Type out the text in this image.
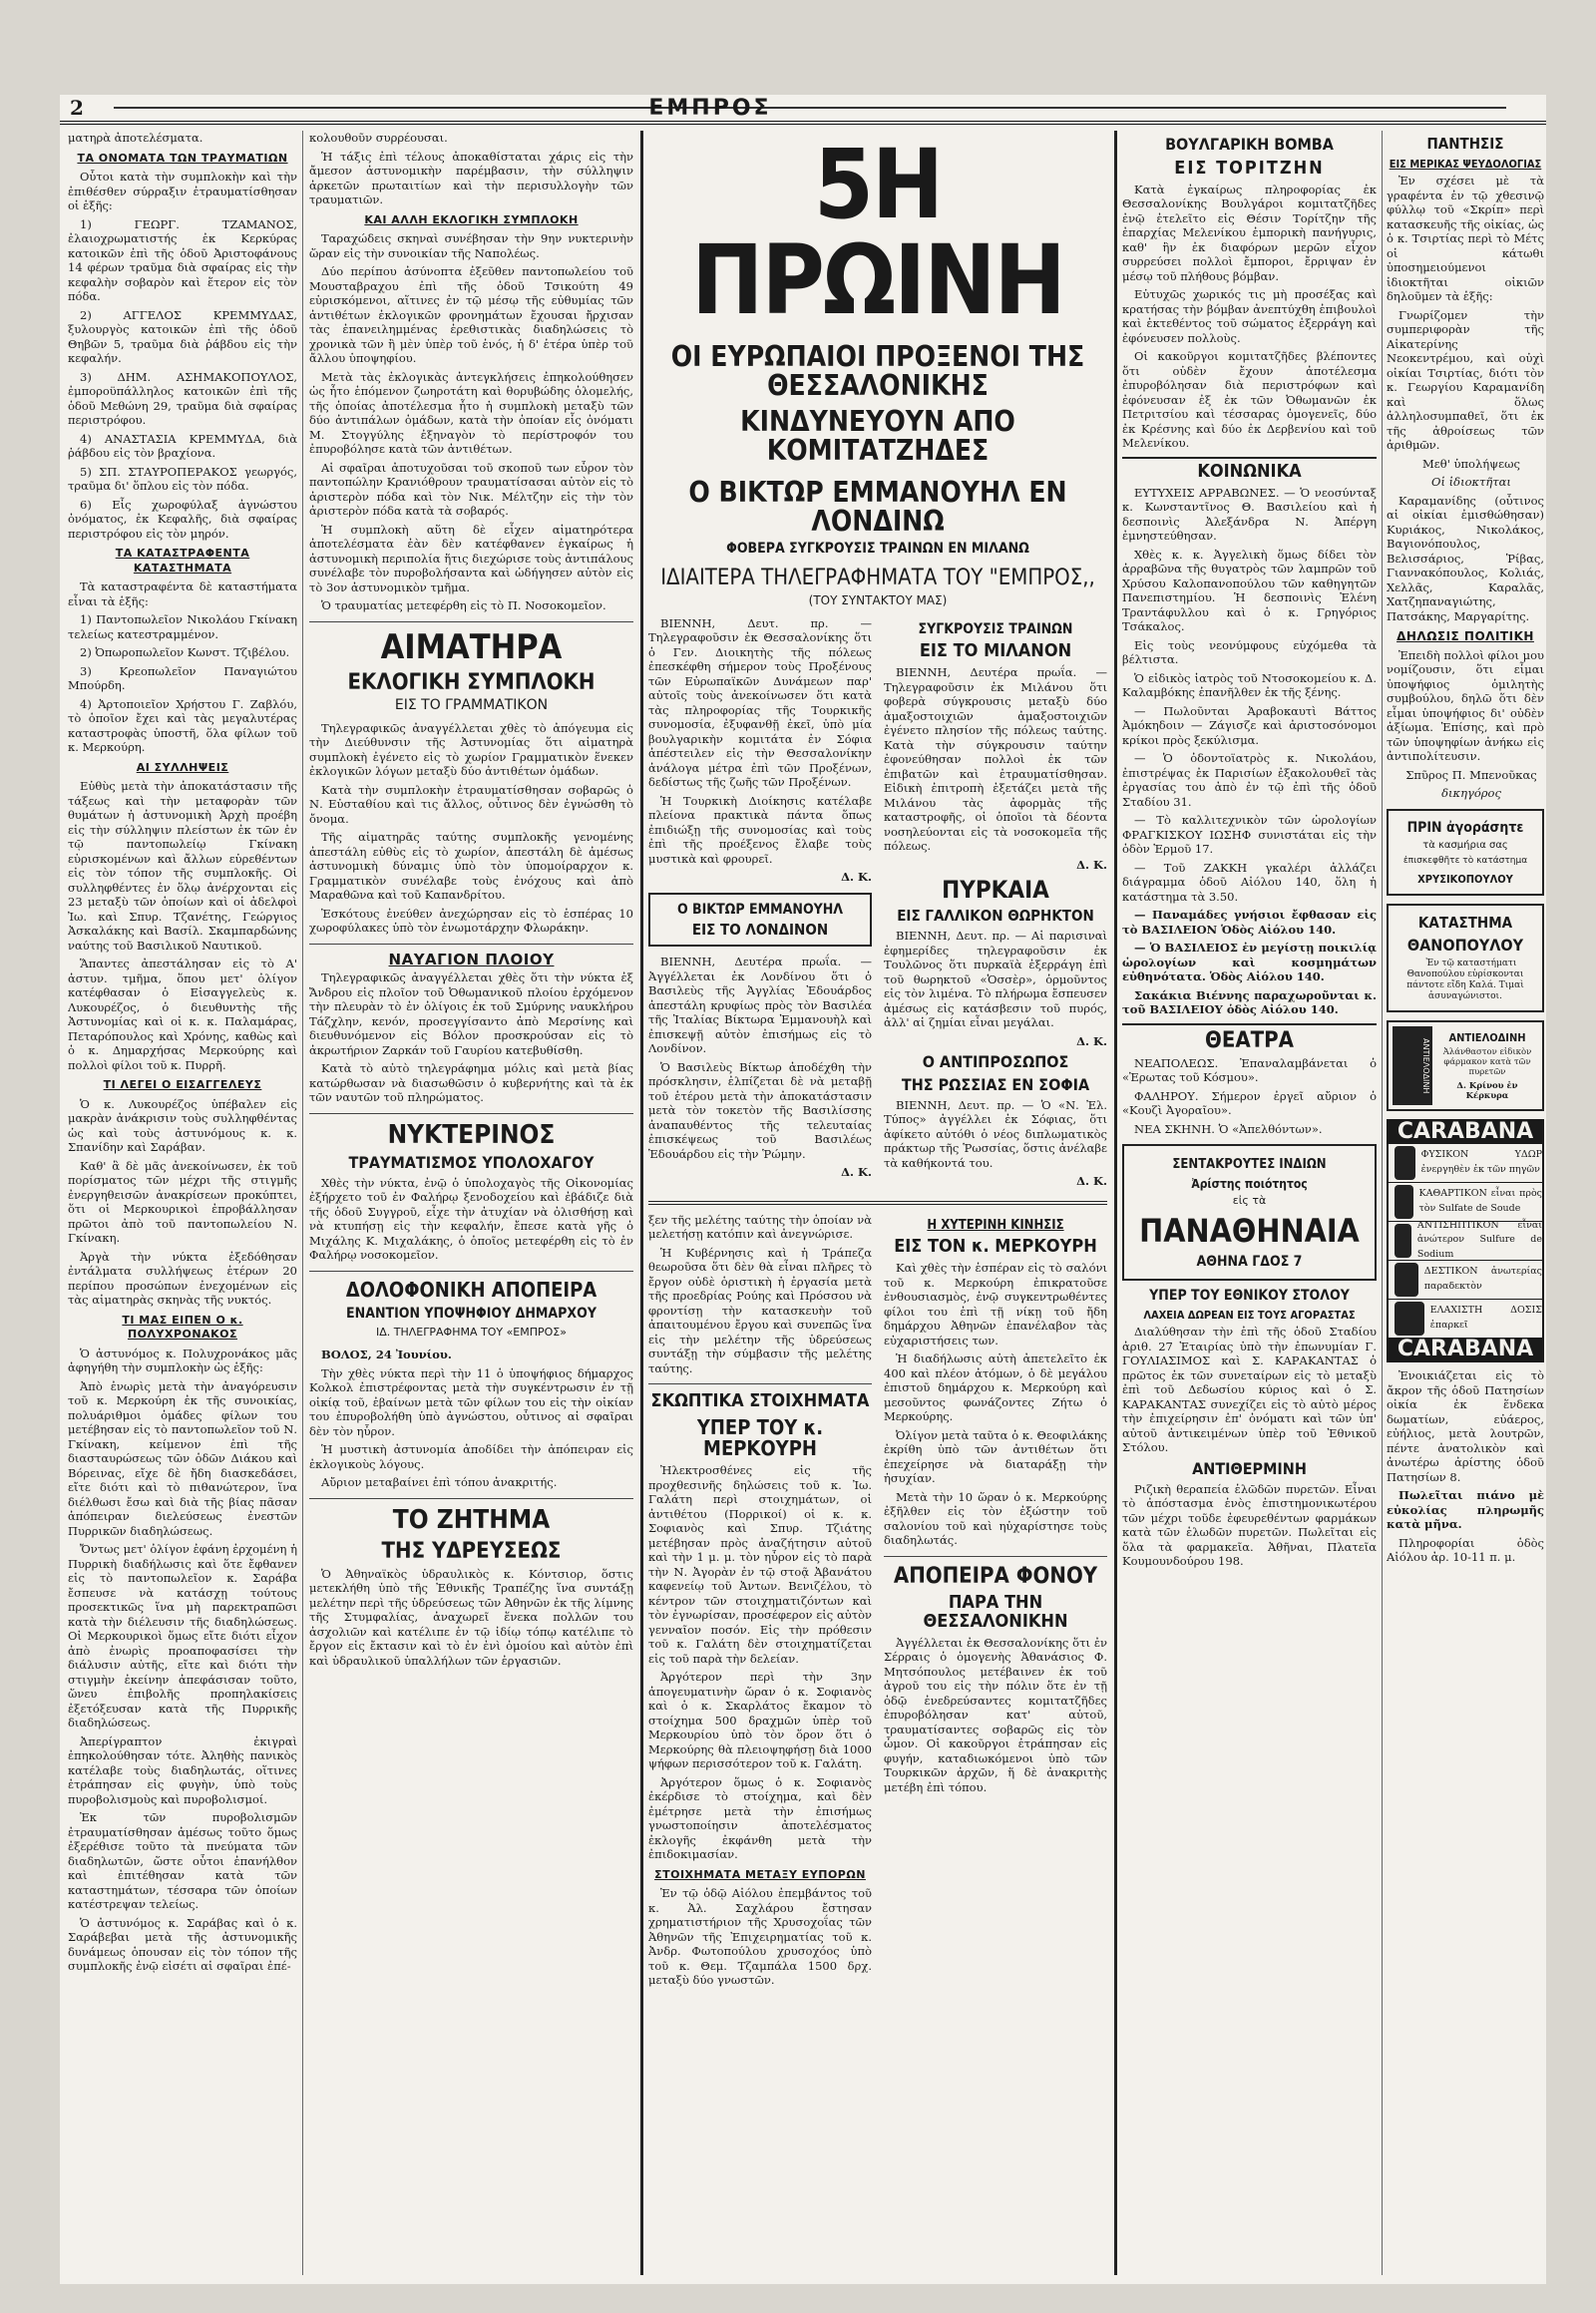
2	ΕΜΠΡΟΣ

ματηρὰ ἀποτελέσματα.

ΤΑ ΟΝΟΜΑΤΑ ΤΩΝ ΤΡΑΥΜΑΤΙΩΝ

Οὗτοι κατὰ τὴν συμπλοκὴν καὶ τὴν ἐπιθέσθεν σύρραξιν ἐτραυματίσθησαν οἱ ἑξῆς:

1) ΓΕΩΡΓ. ΤΖΑΜΑΝΟΣ, ἐλαιοχρωματιστής ἐκ Κερκύρας κατοικῶν ἐπὶ τῆς ὁδοῦ Ἀριστοφάνους 14 φέρων τραῦμα διὰ σφαίρας εἰς τὴν κεφαλὴν σοβαρὸν καὶ ἕτερον εἰς τὸν πόδα.

2) ΑΓΓΕΛΟΣ ΚΡΕΜΜΥΔΑΣ, ξυλουργὸς κατοικῶν ἐπὶ τῆς ὁδοῦ Θηβῶν 5, τραῦμα διὰ ῥάβδου εἰς τὴν κεφαλήν.

3) ΔΗΜ. ΑΣΗΜΑΚΟΠΟΥΛΟΣ, ἐμποροϋπάλληλος κατοικῶν ἐπὶ τῆς ὁδοῦ Μεθώνη 29, τραῦμα διὰ σφαίρας περιστρόφου.

4) ΑΝΑΣΤΑΣΙΑ ΚΡΕΜΜΥΔΑ, διὰ ῥάβδου εἰς τὸν βραχίονα.

5) ΣΠ. ΣΤΑΥΡΟΠΕΡΑΚΟΣ γεωργός, τραῦμα δι' ὅπλου εἰς τὸν πόδα.

6) Εἷς χωροφύλαξ ἀγνώστου ὀνόματος, ἐκ Κεφαλῆς, διὰ σφαίρας περιστρόφου εἰς τὸν μηρόν.

ΤΑ ΚΑΤΑΣΤΡΑΦΕΝΤΑ ΚΑΤΑΣΤΗΜΑΤΑ

Τὰ καταστραφέντα δὲ καταστήματα εἶναι τὰ ἑξῆς:

1) Παντοπωλεῖον Νικολάου Γκίνακη τελείως κατεστραμμένον.

2) Ὀπωροπωλεῖον Κωνστ. Τζιβέλου.

3) Κρεοπωλεῖον Παναγιώτου Μπούρδη.

4) Ἀρτοποιεῖον Χρήστου Γ. Ζαβλόυ, τὸ ὁποῖον ἔχει καὶ τὰς μεγαλυτέρας καταστροφὰς ὑποστῆ, ὅλα φίλων τοῦ κ. Μερκούρη.

ΑΙ ΣΥΛΛΗΨΕΙΣ

Εὐθὺς μετὰ τὴν ἀποκατάστασιν τῆς τάξεως καὶ τὴν μεταφορὰν τῶν θυμάτων ἡ ἀστυνομικὴ Ἀρχὴ προέβη εἰς τὴν σύλληψιν πλείστων ἐκ τῶν ἐν τῷ παντοπωλείῳ Γκίνακη εὑρισκομένων καὶ ἄλλων εὑρεθέντων εἰς τὸν τόπον τῆς συμπλοκῆς. Οἱ συλληφθέντες ἐν ὅλῳ ἀνέρχονται εἰς 23 μεταξὺ τῶν ὁποίων καὶ οἱ ἀδελφοὶ Ἰω. καὶ Σπυρ. Τζανέτης, Γεώργιος Ἀσκαλάκης καὶ Βασίλ. Σκαμπαρδώνης ναύτης τοῦ Βασιλικοῦ Ναυτικοῦ.

Ἅπαντες ἀπεστάλησαν εἰς τὸ Α' ἀστυν. τμῆμα, ὅπου μετ' ὀλίγον κατέφθασαν ὁ Εἰσαγγελεὺς κ. Λυκουρέζος, ὁ διευθυντὴς τῆς Ἀστυνομίας καὶ οἱ κ. κ. Παλαμάρας, Πεταρόπουλος καὶ Χρόνης, καθὼς καὶ ὁ κ. Δημαρχήσας Μερκούρης καὶ πολλοὶ φίλοι τοῦ κ. Πυρρῆ.

ΤΙ ΛΕΓΕΙ Ο ΕΙΣΑΓΓΕΛΕΥΣ

Ὁ κ. Λυκουρέζος ὑπέβαλεν εἰς μακρὰν ἀνάκρισιν τοὺς συλληφθέντας ὡς καὶ τοὺς ἀστυνόμους κ. κ. Σπανίδην καὶ Σαράβαν.

Καθ' ἃ δὲ μᾶς ἀνεκοίνωσεν, ἐκ τοῦ πορίσματος τῶν μέχρι τῆς στιγμῆς ἐνεργηθεισῶν ἀνακρίσεων προκύπτει, ὅτι οἱ Μερκουρικοὶ ἐπροβάλλησαν πρῶτοι ἀπὸ τοῦ παντοπωλείου Ν. Γκίνακη.

Ἀργὰ τὴν νύκτα ἐξεδόθησαν ἐντάλματα συλλήψεως ἑτέρων 20 περίπου προσώπων ἐνεχομένων εἰς τὰς αἱματηρὰς σκηνὰς τῆς νυκτός.

ΤΙ ΜΑΣ ΕΙΠΕΝ Ο κ. ΠΟΛΥΧΡΟΝΑΚΟΣ

Ὁ ἀστυνόμος κ. Πολυχρονάκος μᾶς ἀφηγήθη τὴν συμπλοκὴν ὡς ἑξῆς:

Ἀπὸ ἐνωρὶς μετὰ τὴν ἀναγόρευσιν τοῦ κ. Μερκούρη ἐκ τῆς συνοικίας, πολυάριθμοι ὁμάδες φίλων του μετέβησαν εἰς τὸ παντοπωλεῖον τοῦ Ν. Γκίνακη, κείμενον ἐπὶ τῆς διασταυρώσεως τῶν ὁδῶν Διάκου καὶ Βόρεινας, εἴχε δὲ ἤδη διασκεδάσει, εἴτε διότι καὶ τὸ πιθανώτερον, ἵνα διέλθωσι ἔσω καὶ διὰ τῆς βίας πᾶσαν ἀπόπειραν διελεύσεως ἐνεστῶν Πυρρικῶν διαδηλώσεως.

Ὄντως μετ' ὀλίγον ἐφάνη ἐρχομένη ἡ Πυρρικὴ διαδήλωσις καὶ ὅτε ἔφθανεν εἰς τὸ παντοπωλεῖον κ. Σαράβα ἔσπευσε νὰ κατάσχῃ τούτους προσεκτικῶς ἵνα μὴ παρεκτραπῶσι κατὰ τὴν διέλευσιν τῆς διαδηλώσεως. Οἱ Μερκουρικοὶ ὅμως εἴτε διότι εἶχον ἀπὸ ἐνωρὶς προαποφασίσει τὴν διάλυσιν αὐτῆς, εἴτε καὶ διότι τὴν στιγμὴν ἐκείνην ἀπεφάσισαν τοῦτο, ὥνευ ἐπιβολῆς προπηλακίσεις ἐξετόξευσαν κατὰ τῆς Πυρρικῆς διαδηλώσεως.

Ἀπερίγραπτον ἐκιγραὶ ἐπηκολούθησαν τότε. Ἀληθὴς πανικὸς κατέλαβε τοὺς διαδηλωτάς, οἵτινες ἐτράπησαν εἰς φυγὴν, ὑπὸ τοὺς πυροβολισμοὺς καὶ πυροβολισμοί.

Ἐκ τῶν πυροβολισμῶν ἐτραυματίσθησαν ἀμέσως τοῦτο ὅμως ἐξερέθισε τοῦτο τὰ πνεύματα τῶν διαδηλωτῶν, ὥστε οὗτοι ἐπανήλθον καὶ ἐπιτέθησαν κατὰ τῶν καταστημάτων, τέσσαρα τῶν ὁποίων κατέστρεψαν τελείως.

Ὁ ἀστυνόμος κ. Σαράβας καὶ ὁ κ. Σαράβεβαι μετὰ τῆς ἀστυνομικῆς δυνάμεως ὁπουσαν εἰς τὸν τόπον τῆς συμπλοκῆς ἐνῷ εἰσέτι αἱ σφαῖραι ἐπέ-

κολουθοῦν συρρέουσαι.

Ἡ τάξις ἐπὶ τέλους ἀποκαθίσταται χάρις εἰς τὴν ἄμεσον ἀστυνομικὴν παρέμβασιν, τὴν σύλληψιν ἀρκετῶν πρωταιτίων καὶ τὴν περισυλλογὴν τῶν τραυματιῶν.

ΚΑΙ ΑΛΛΗ ΕΚΛΟΓΙΚΗ ΣΥΜΠΛΟΚΗ

Ταραχώδεις σκηναὶ συνέβησαν τὴν 9ην νυκτερινὴν ὥραν εἰς τὴν συνοικίαν τῆς Ναπολέως.

Δύο περίπου ἀσύνοπτα ἐξεῦθεν παντοπωλείου τοῦ Μουσταβραχου ἐπὶ τῆς ὁδοῦ Τσικούτη 49 εὑρισκόμενοι, αἵτινες ἐν τῷ μέσῳ τῆς εὐθυμίας τῶν ἀντιθέτων ἐκλογικῶν φρονημάτων ἔχουσαι ἤρχισαν τὰς ἐπανειλημμένας ἐρεθιστικὰς διαδηλώσεις τὸ χρονικὰ τῶν ἢ μὲν ὑπὲρ τοῦ ἑνός, ἡ δ' ἑτέρα ὑπὲρ τοῦ ἄλλου ὑποψηφίου.

Μετὰ τὰς ἐκλογικὰς ἀντεγκλήσεις ἐπηκολούθησεν ὡς ἦτο ἑπόμενον ζωηροτάτη καὶ θορυβώδης ὁλομελής, τῆς ὁποίας ἀποτέλεσμα ἦτο ἡ συμπλοκὴ μεταξὺ τῶν δύο ἀντιπάλων ὁμάδων, κατὰ τὴν ὁποίαν εἷς ὀνόματι Μ. Στογγύλης ἐξηναγὸν τὸ περίστροφόν του ἐπυροβόλησε κατὰ τῶν ἀντιθέτων.

Αἱ σφαῖραι ἀποτυχοῦσαι τοῦ σκοποῦ των εὗρον τὸν παντοπώλην Κρανιόθρουν τραυματίσασαι αὐτὸν εἰς τὸ ἀριστερὸν πόδα καὶ τὸν Νικ. Μέλτζην εἰς τὴν τὸν ἀριστερὸν πόδα κατὰ τὰ σοβαρός.

Ἡ συμπλοκὴ αὕτη δὲ εἶχεν αἱματηρότερα ἀποτελέσματα ἐὰν δὲν κατέφθανεν ἐγκαίρως ἡ ἀστυνομικὴ περιπολία ἥτις διεχώρισε τοὺς ἀντιπάλους συνέλαβε τὸν πυροβολήσαντα καὶ ὡδήγησεν αὐτὸν εἰς τὸ 3ον ἀστυνομικὸν τμῆμα.

Ὁ τραυματίας μετεφέρθη εἰς τὸ Π. Νοσοκομεῖον.

ΑΙΜΑΤΗΡΑ
ΕΚΛΟΓΙΚΗ ΣΥΜΠΛΟΚΗ
ΕΙΣ ΤΟ ΓΡΑΜΜΑΤΙΚΟΝ

Τηλεγραφικῶς ἀναγγέλλεται χθὲς τὸ ἀπόγευμα εἰς τὴν Διεύθυνσιν τῆς Ἀστυνομίας ὅτι αἱματηρὰ συμπλοκὴ ἐγένετο εἰς τὸ χωρίον Γραμματικὸν ἕνεκεν ἐκλογικῶν λόγων μεταξὺ δύο ἀντιθέτων ὁμάδων.

Κατὰ τὴν συμπλοκὴν ἐτραυματίσθησαν σοβαρῶς ὁ Ν. Εὐσταθίου καὶ τις ἄλλος, οὗτινος δὲν ἐγνώσθη τὸ ὄνομα.

Τῆς αἱματηρᾶς ταύτης συμπλοκῆς γενομένης ἀπεστάλη εὐθὺς εἰς τὸ χωρίον, ἀπεστάλη δὲ ἀμέσως ἀστυνομικὴ δύναμις ὑπὸ τὸν ὑπομοίραρχον κ. Γραμματικὸν συνέλαβε τοὺς ἐνόχους καὶ ἀπὸ Μαραθῶνα καὶ τοῦ Καπανδρίτου.

Ἐσκότους ἐνεύθεν ἀνεχώρησαν εἰς τὸ ἑσπέρας 10 χωροφύλακες ὑπὸ τὸν ἐνωμοτάρχην Φλωράκην.

ΝΑΥΑΓΙΟΝ ΠΛΟΙΟΥ

Τηλεγραφικῶς ἀναγγέλλεται χθὲς ὅτι τὴν νύκτα ἐξ Ἄνδρου εἰς πλοῖον τοῦ Ὀθωμανικοῦ πλοίου ἐρχόμενον τὴν πλευρὰν τὸ ἐν ὀλίγοις ἐκ τοῦ Σμύρνης ναυκλήρου Τάζχλην, κενόν, προσεγγίσαντο ἀπὸ Μερσίνης καὶ διευθυνόμενον εἰς Βόλον προσκρούσαν εἰς τὸ ἀκρωτήριον Ζαρκάν τοῦ Γαυρίου κατεβυθίσθη.

Κατὰ τὸ αὐτὸ τηλεγράφημα μόλις καὶ μετὰ βίας κατώρθωσαν νὰ διασωθῶσιν ὁ κυβερνήτης καὶ τὰ ἐκ τῶν ναυτῶν τοῦ πληρώματος.

ΝΥΚΤΕΡΙΝΟΣ
ΤΡΑΥΜΑΤΙΣΜΟΣ ΥΠΟΛΟΧΑΓΟΥ

Χθὲς τὴν νύκτα, ἐνῷ ὁ ὑπολοχαγὸς τῆς Οἰκονομίας ἐξήρχετο τοῦ ἐν Φαλήρῳ ξενοδοχείου καὶ ἐβάδιζε διὰ τῆς ὁδοῦ Συγγροῦ, εἶχε τὴν ἀτυχίαν νὰ ὀλισθήσῃ καὶ νὰ κτυπήσῃ εἰς τὴν κεφαλήν, ἔπεσε κατὰ γῆς ὁ Μιχάλης Κ. Μιχαλάκης, ὁ ὁποῖος μετεφέρθη εἰς τὸ ἐν Φαλήρῳ νοσοκομεῖον.

ΔΟΛΟΦΟΝΙΚΗ ΑΠΟΠΕΙΡΑ
ΕΝΑΝΤΙΟΝ ΥΠΟΨΗΦΙΟΥ ΔΗΜΑΡΧΟΥ
ΙΔ. ΤΗΛΕΓΡΑΦΗΜΑ ΤΟΥ «ΕΜΠΡΟΣ»

ΒΟΛΟΣ, 24 Ἰουνίου.

Τὴν χθὲς νύκτα περὶ τὴν 11 ὁ ὑποψήφιος δήμαρχος Κολκολ ἐπιστρέφοντας μετὰ τὴν συγκέντρωσιν ἐν τῇ οἰκίᾳ τοῦ, ἐβαίνων μετὰ τῶν φίλων του εἰς τὴν οἰκίαν του ἐπυροβολήθη ὑπὸ ἀγνώστου, οὗτινος αἱ σφαῖραι δὲν τὸν ηὗρον.

Ἡ μυστικὴ ἀστυνομία ἀποδίδει τὴν ἀπόπειραν εἰς ἐκλογικοὺς λόγους.

Αὔριον μεταβαίνει ἐπὶ τόπου ἀνακριτής.

ΤΟ ΖΗΤΗΜΑ
ΤΗΣ ΥΔΡΕΥΣΕΩΣ

Ὁ Ἀθηναϊκὸς ὑδραυλικὸς κ. Κόντσιορ, ὅστις μετεκλήθη ὑπὸ τῆς Ἐθνικῆς Τραπέζης ἵνα συντάξῃ μελέτην περὶ τῆς ὑδρεύσεως τῶν Ἀθηνῶν ἐκ τῆς λίμνης τῆς Στυμφαλίας, ἀναχωρεῖ ἕνεκα πολλῶν του ἀσχολιῶν καὶ κατέλιπε ἐν τῷ ἰδίῳ τόπῳ κατέλιπε τὸ ἔργον εἰς ἔκτασιν καὶ τὸ ἐν ἐνὶ ὁμοίου καὶ αὐτὸν ἐπὶ καὶ ὑδραυλικοῦ ὑπαλλήλων τῶν ἐργασιῶν.

5Η ΠΡΩΙΝΗ
ΟΙ ΕΥΡΩΠΑΙΟΙ ΠΡΟΞΕΝΟΙ ΤΗΣ ΘΕΣΣΑΛΟΝΙΚΗΣ
ΚΙΝΔΥΝΕΥΟΥΝ ΑΠΟ ΚΟΜΙΤΑΤΖΗΔΕΣ
Ο ΒΙΚΤΩΡ ΕΜΜΑΝΟΥΗΛ ΕΝ ΛΟΝΔΙΝΩ
ΦΟΒΕΡΑ ΣΥΓΚΡΟΥΣΙΣ ΤΡΑΙΝΩΝ ΕΝ ΜΙΛΑΝΩ
ΙΔΙΑΙΤΕΡΑ ΤΗΛΕΓΡΑΦΗΜΑΤΑ ΤΟΥ "ΕΜΠΡΟΣ,,
(ΤΟΥ ΣΥΝΤΑΚΤΟΥ ΜΑΣ)

ΒΙΕΝΝΗ, Δευτ. πρ. — Τηλεγραφοῦσιν ἐκ Θεσσαλονίκης ὅτι ὁ Γεν. Διοικητὴς τῆς πόλεως ἐπεσκέφθη σήμερον τοὺς Προξένους τῶν Εὐρωπαϊκῶν Δυνάμεων παρ' αὐτοῖς τοὺς ἀνεκοίνωσεν ὅτι κατὰ τὰς πληροφορίας τῆς Τουρκικῆς συνομοσία, ἐξυφανθῇ ἐκεῖ, ὑπὸ μία βουλγαρικὴν κομιτάτα ἐν Σόφια ἀπέστειλεν εἰς τὴν Θεσσαλονίκην ἀνάλογα μέτρα ἐπὶ τῶν Προξένων, δεδίστως τῆς ζωῆς τῶν Προξένων.

Ἡ Τουρκικὴ Διοίκησις κατέλαβε πλείονα πρακτικὰ πάντα ὅπως ἐπιδιώξῃ τῆς συνομοσίας καὶ τοὺς ἐπὶ τῆς προέξενος ἔλαβε τοὺς μυστικὰ καὶ φρουρεῖ.

Δ. Κ.

Ο ΒΙΚΤΩΡ ΕΜΜΑΝΟΥΗΛ
ΕΙΣ ΤΟ ΛΟΝΔΙΝΟΝ

ΒΙΕΝΝΗ, Δευτέρα πρωΐα. — Ἀγγέλλεται ἐκ Λονδίνου ὅτι ὁ Βασιλεὺς τῆς Ἀγγλίας Ἐδουάρδος ἀπεστάλη κρυφίως πρὸς τὸν Βασιλέα τῆς Ἰταλίας Βίκτωρα Ἐμμανουὴλ καὶ ἐπισκεψῇ αὐτὸν ἐπισήμως εἰς τὸ Λονδίνον.

Ὁ Βασιλεὺς Βίκτωρ ἀποδέχθη τὴν πρόσκλησιν, ἐλπίζεται δὲ νὰ μεταβῇ τοῦ ἑτέρου μετὰ τὴν ἀποκατάστασιν μετὰ τὸν τοκετὸν τῆς Βασιλίσσης ἀναπαυθέντος τῆς τελευταίας ἐπισκέψεως τοῦ Βασιλέως Ἐδουάρδου εἰς τὴν Ῥώμην.

Δ. Κ.

ΣΥΓΚΡΟΥΣΙΣ ΤΡΑΙΝΩΝ
ΕΙΣ ΤΟ ΜΙΛΑΝΟΝ

ΒΙΕΝΝΗ, Δευτέρα πρωΐα. — Τηλεγραφοῦσιν ἐκ Μιλάνου ὅτι φοβερὰ σύγκρουσις μεταξὺ δύο ἀμαξοστοιχιῶν ἀμαξοστοιχιῶν ἐγένετο πλησίον τῆς πόλεως ταύτης. Κατὰ τὴν σύγκρουσιν ταύτην ἐφονεύθησαν πολλοὶ ἐκ τῶν ἐπιβατῶν καὶ ἐτραυματίσθησαν. Εἰδικὴ ἐπιτροπὴ ἐξετάζει μετὰ τῆς Μιλάνου τὰς ἀφορμὰς τῆς καταστροφῆς, οἱ ὁποῖοι τὰ δέοντα νοσηλεύονται εἰς τὰ νοσοκομεῖα τῆς πόλεως.

Δ. Κ.

ΠΥΡΚΑΙΑ
ΕΙΣ ΓΑΛΛΙΚΟΝ ΘΩΡΗΚΤΟΝ

ΒΙΕΝΝΗ, Δευτ. πρ. — Αἱ παρισιναὶ ἐφημερίδες τηλεγραφοῦσιν ἐκ Τουλῶνος ὅτι πυρκαϊὰ ἐξερράγη ἐπὶ τοῦ θωρηκτοῦ «Ὁσσὲρ», ὁρμοῦντος εἰς τὸν λιμένα. Τὸ πλήρωμα ἔσπευσεν ἀμέσως εἰς κατάσβεσιν τοῦ πυρός, ἀλλ' αἱ ζημίαι εἶναι μεγάλαι.

Δ. Κ.

Ο ΑΝΤΙΠΡΟΣΩΠΟΣ
ΤΗΣ ΡΩΣΣΙΑΣ ΕΝ ΣΟΦΙΑ

ΒΙΕΝΝΗ, Δευτ. πρ. — Ὁ «Ν. Ἐλ. Τύπος» ἀγγέλλει ἐκ Σόφιας, ὅτι ἀφίκετο αὐτόθι ὁ νέος διπλωματικὸς πράκτωρ τῆς Ῥωσσίας, ὅστις ἀνέλαβε τὰ καθήκοντά του.

Δ. Κ.

ξεν τῆς μελέτης ταύτης τὴν ὁποίαν νὰ μελετήσῃ κατόπιν καὶ ἀνεγνώρισε.

Ἡ Κυβέρνησις καὶ ἡ Τράπεζα θεωροῦσα ὅτι δὲν θὰ εἶναι πλῆρες τὸ ἔργον οὐδὲ ὁριστικὴ ἡ ἐργασία μετὰ τῆς προεδρίας Ρούης καὶ Πρόσσου νὰ φροντίσῃ τὴν κατασκευὴν τοῦ ἀπαιτουμένου ἔργου καὶ συνεπῶς ἵνα εἰς τὴν μελέτην τῆς ὑδρεύσεως συντάξῃ τὴν σύμβασιν τῆς μελέτης ταύτης.

ΣΚΩΠΤΙΚΑ ΣΤΟΙΧΗΜΑΤΑ
ΥΠΕΡ ΤΟΥ κ. ΜΕΡΚΟΥΡΗ

Ἠλεκτροσθένες εἰς τῆς προχθεσινῆς δηλώσεις τοῦ κ. Ἰω. Γαλάτη περὶ στοιχημάτων, οἱ ἀντιθέτου (Πορρικοί) οἱ κ. κ. Σοφιανὸς καὶ Σπυρ. Τζιάτης μετέβησαν πρὸς ἀναζήτησιν αὐτοῦ καὶ τὴν 1 μ. μ. τὸν ηὗρον εἰς τὸ παρὰ τὴν Ν. Ἀγορὰν ἐν τῷ στοᾷ Ἀβανάτου καφενείῳ τοῦ Ἀντων. Βενιζέλου, τὸ κέντρον τῶν στοιχηματιζόντων καὶ τὸν ἐγνωρίσαν, προσέφερον εἰς αὐτὸν γενναῖον ποσόν. Εἰς τὴν πρόθεσιν τοῦ κ. Γαλάτη δὲν στοιχηματίζεται εἰς τοῦ παρὰ τὴν δελείαν.

Ἀργότερον περὶ τὴν 3ην ἀπογευματινὴν ὥραν ὁ κ. Σοφιανὸς καὶ ὁ κ. Σκαρλάτος ἔκαμον τὸ στοίχημα 500 δραχμῶν ὑπὲρ τοῦ Μερκουρίου ὑπὸ τὸν ὅρον ὅτι ὁ Μερκούρης θὰ πλειοψηφήσῃ διὰ 1000 ψήφων περισσότερον τοῦ κ. Γαλάτη.

Ἀργότερον ὅμως ὁ κ. Σοφιανὸς ἐκέρδισε τὸ στοίχημα, καὶ δὲν ἐμέτρησε μετὰ τὴν ἐπισήμως γνωστοποίησιν ἀποτελέσματος ἐκλογῆς ἐκφάνθη μετὰ τὴν ἐπιδοκιμασίαν.

ΣΤΟΙΧΗΜΑΤΑ ΜΕΤΑΞΥ ΕΥΠΟΡΩΝ

Ἐν τῷ ὁδῷ Αἰόλου ἐπεμβάντος τοῦ κ. Ἀλ. Σαχλάρου ἔστησαν χρηματιστήριον τῆς Χρυσοχοΐας τῶν Ἀθηνῶν τῆς Ἐπιχειρηματίας τοῦ κ. Ἀνδρ. Φωτοπούλου χρυσοχόος ὑπὸ τοῦ κ. Θεμ. Τζαμπάλα 1500 δρχ. μεταξὺ δύο γνωστῶν.

Η ΧΥΤΕΡΙΝΗ ΚΙΝΗΣΙΣ
ΕΙΣ ΤΟΝ κ. ΜΕΡΚΟΥΡΗ

Καὶ χθὲς τὴν ἑσπέραν εἰς τὸ σαλόνι τοῦ κ. Μερκούρη ἐπικρατοῦσε ἐνθουσιασμὸς, ἐνῷ συγκεντρωθέντες φίλοι του ἐπὶ τῇ νίκῃ τοῦ ἤδη δημάρχου Ἀθηνῶν ἐπανέλαβον τὰς εὐχαριστήσεις των.

Ἡ διαδήλωσις αὐτὴ ἀπετελεῖτο ἐκ 400 καὶ πλέον ἀτόμων, ὁ δὲ μεγάλου ἐπιστοῦ δημάρχου κ. Μερκούρη καὶ μεσοῦντος φωνάζοντες Ζήτω ὁ Μερκούρης.

Ὀλίγον μετὰ ταῦτα ὁ κ. Θεοφιλάκης ἐκρίθη ὑπὸ τῶν ἀντιθέτων ὅτι ἐπεχείρησε νὰ διαταράξῃ τὴν ἡσυχίαν.

Μετὰ τὴν 10 ὥραν ὁ κ. Μερκούρης ἐξῆλθεν εἰς τὸν ἐξώστην τοῦ σαλονίου τοῦ καὶ ηὐχαρίστησε τοὺς διαδηλωτάς.

ΑΠΟΠΕΙΡΑ ΦΟΝΟΥ
ΠΑΡΑ ΤΗΝ ΘΕΣΣΑΛΟΝΙΚΗΝ

Ἀγγέλλεται ἐκ Θεσσαλονίκης ὅτι ἐν Σέρραις ὁ ὁμογενὴς Ἀθανάσιος Φ. Μητσόπουλος μετέβαινεν ἐκ τοῦ ἀγροῦ του εἰς τὴν πόλιν ὅτε ἐν τῇ ὁδῷ ἐνεδρεύσαντες κομιτατζῆδες ἐπυροβόλησαν κατ' αὐτοῦ, τραυματίσαντες σοβαρῶς εἰς τὸν ὦμον. Οἱ κακοῦργοι ἐτράπησαν εἰς φυγήν, καταδιωκόμενοι ὑπὸ τῶν Τουρκικῶν ἀρχῶν, ἥ δὲ ἀνακριτὴς μετέβη ἐπὶ τόπου.

ΒΟΥΛΓΑΡΙΚΗ ΒΟΜΒΑ
ΕΙΣ ΤΟΡΙΤΖΗΝ

Κατὰ ἐγκαίρως πληροφορίας ἐκ Θεσσαλονίκης Βουλγάροι κομιτατζῆδες ἐνῷ ἐτελεῖτο εἰς Θέσιν Τορίτζην τῆς ἐπαρχίας Μελενίκου ἐμπορικὴ πανήγυρις, καθ' ἣν ἐκ διαφόρων μερῶν εἶχον συρρεύσει πολλοὶ ἔμποροι, ἔρριψαν ἐν μέσῳ τοῦ πλήθους βόμβαν.

Εὐτυχῶς χωρικός τις μὴ προσέξας καὶ κρατήσας τὴν βόμβαν ἀνεπτύχθη ἐπιβουλοὶ καὶ ἐκτεθέντος τοῦ σώματος ἐξερράγη καὶ ἐφόνευσεν πολλοὺς.

Οἱ κακοῦργοι κομιτατζῆδες βλέποντες ὅτι οὐδὲν ἔχουν ἀποτέλεσμα ἐπυροβόλησαν διὰ περιστρόφων καὶ ἐφόνευσαν ἐξ ἐκ τῶν Ὀθωμανῶν ἐκ Πετριτσίου καὶ τέσσαρας ὁμογενεῖς, δύο ἐκ Κρέσνης καὶ δύο ἐκ Δερβενίου καὶ τοῦ Μελενίκου.

ΚΟΙΝΩΝΙΚΑ

ΕΥΤΥΧΕΙΣ ΑΡΡΑΒΩΝΕΣ. — Ὁ νεοσύνταξ κ. Κωνσταντῖνος Θ. Βασιλείου καὶ ἡ δεσποινὶς Ἀλεξάνδρα Ν. Ἀπέργη ἐμνηστεύθησαν.

Χθὲς κ. κ. Ἀγγελικὴ ὅμως δίδει τὸν ἀρραβῶνα τῆς θυγατρὸς τῶν λαμπρῶν τοῦ Χρύσου Καλοπανοπούλου τῶν καθηγητῶν Πανεπιστημίου. Ἡ δεσποινὶς Ἑλένη Τραντάφυλλου καὶ ὁ κ. Γρηγόριος Τσάκαλος.

Εἰς τοὺς νεονύμφους εὐχόμεθα τὰ βέλτιστα.

Ὁ εἰδικὸς ἰατρὸς τοῦ Ντοσοκομείου κ. Δ. Καλαμβόκης ἐπανῆλθεν ἐκ τῆς ξένης.

— Πωλοῦνται Ἀραβοκαυτὶ Βάττος Ἀμόκηδοιν — Ζάγισζε καὶ ἀριστοσόνομοι κρίκοι πρὸς ξεκύλισμα.

— Ὁ ὀδοντοϊατρὸς κ. Νικολάου, ἐπιστρέψας ἐκ Παρισίων ἐξακολουθεῖ τὰς ἐργασίας του ἀπὸ ἐν τῷ ἐπὶ τῆς ὁδοῦ Σταδίου 31.

— Τὸ καλλιτεχνικὸν τῶν ὠρολογίων ΦΡΑΓΚΙΣΚΟΥ ΙΩΣΗΦ συνιστάται εἰς τὴν ὁδὸν Ἑρμοῦ 17.

— Τοῦ ΖΑΚΚΗ γκαλέρι ἀλλάζει διάγραμμα ὁδοῦ Αἰόλου 140, ὅλη ἡ κατάστημα τὰ 3.50.

— Παναμάδες γνήσιοι ἔφθασαν εἰς τὸ ΒΑΣΙΛΕΙΟΝ Ὁδὸς Αἰόλου 140.

— Ὁ ΒΑΣΙΛΕΙΟΣ ἐν μεγίστῃ ποικιλίᾳ ὡρολογίων καὶ κοσμημάτων εὐθηνότατα. Ὁδὸς Αἰόλου 140.

Σακάκια Βιέννης παραχωροῦνται κ. τοῦ ΒΑΣΙΛΕΙΟΥ ὁδὸς Αἰόλου 140.

ΘΕΑΤΡΑ

ΝΕΑΠΟΛΕΩΣ. Ἐπαναλαμβάνεται ὁ «Ἐρωτας τοῦ Κόσμου».

ΦΑΛΗΡΟΥ. Σήμερον ἐργεῖ αὔριον ὁ «Κουζὶ Ἀγοραῖου».

ΝΕΑ ΣΚΗΝΗ. Ὁ «Ἀπελθόντων».

ΣΕΝΤΑΚΡΟΥΤΕΣ ΙΝΔΙΩΝ
Ἀρίστης ποιότητος
εἰς τὰ
ΠΑΝΑΘΗΝΑΙΑ
ΑΘΗΝΑ ΓΔΟΣ 7
ΥΠΕΡ ΤΟΥ ΕΘΝΙΚΟΥ ΣΤΟΛΟΥ
ΛΑΧΕΙΑ ΔΩΡΕΑΝ ΕΙΣ ΤΟΥΣ ΑΓΟΡΑΣΤΑΣ

Διαλύθησαν τὴν ἐπὶ τῆς ὁδοῦ Σταδίου ἀριθ. 27 Ἑταιρίας ὑπὸ τὴν ἐπωνυμίαν Γ. ΓΟΥΛΙΑΣΙΜΟΣ καὶ Σ. ΚΑΡΑΚΑΝΤΑΣ ὁ πρῶτος ἐκ τῶν συνεταίρων εἰς τὸ μεταξὺ ἐπὶ τοῦ Δεδωσίου κύριος καὶ ὁ Σ. ΚΑΡΑΚΑΝΤΑΣ συνεχίζει εἰς τὸ αὐτὸ μέρος τὴν ἐπιχείρησιν ἐπ' ὀνόματι καὶ τῶν ὑπ' αὐτοῦ ἀντικειμένων ὑπὲρ τοῦ Ἐθνικοῦ Στόλου.

ΑΝΤΙΘΕΡΜΙΝΗ

Ριζικὴ θεραπεία ἑλῶδῶν πυρετῶν. Εἶναι τὸ ἀπόστασμα ἑνὸς ἐπιστημονικωτέρου τῶν μέχρι τοῦδε ἐφευρεθέντων φαρμάκων κατὰ τῶν ἑλωδῶν πυρετῶν. Πωλεῖται εἰς ὅλα τὰ φαρμακεῖα. Ἀθῆναι, Πλατεῖα Κουμουνδούρου 198.

ΠΑΝΤΗΣΙΣ
ΕΙΣ ΜΕΡΙΚΑΣ ΨΕΥΔΟΛΟΓΙΑΣ

Ἐν σχέσει μὲ τὰ γραφέντα ἐν τῷ χθεσινῷ φύλλῳ τοῦ «Σκρίπ» περὶ κατασκευῆς τῆς οἰκίας, ὡς ὁ κ. Τσιρτίας περὶ τὸ Μέτς οἱ κάτωθι ὑποσημειούμενοι ἰδιοκτῆται οἰκιῶν δηλοῦμεν τὰ ἑξῆς:

Γνωρίζομεν τὴν συμπεριφορὰν τῆς Αἰκατερίνης Νεοκεντρέμου, καὶ οὐχὶ οἰκίαι Τσιρτίας, διότι τὸν κ. Γεωργίου Καραμανίδη καὶ ὅλως ἀλληλοσυμπαθεῖ, ὅτι ἐκ τῆς ἀθροίσεως τῶν ἀριθμῶν.

Μεθ' ὑπολήψεως

Οἱ ἰδιοκτῆται

Καραμανίδης (οὗτινος αἱ οἰκίαι ἐμισθώθησαν) Κυριάκος, Νικολάκος, Βαγιονόπουλος, Βελισσάριος, Ῥίβας, Γιαννακόπουλος, Κολιάς, Χελλᾶς, Καραλᾶς, Χατζηπαναγιώτης, Πατσάκης, Μαργαρίτης.

ΔΗΛΩΣΙΣ ΠΟΛΙΤΙΚΗ

Ἐπειδὴ πολλοὶ φίλοι μου νομίζουσιν, ὅτι εἶμαι ὑποψήφιος ὁμιλητὴς συμβούλου, δηλῶ ὅτι δὲν εἶμαι ὑποψήφιος δι' οὐδὲν ἀξίωμα. Ἐπίσης, καὶ πρὸ τῶν ὑποψηφίων ἀνήκω εἰς ἀντιπολίτευσιν.

Σπῦρος Π. Μπενοῦκας

δικηγόρος

ΠΡΙΝ ἀγοράσητε
τὰ κασμήρια σας
ἐπισκεφθῆτε τὸ κατάστημα
ΧΡΥΣΙΚΟΠΟΥΛΟΥ
ΚΑΤΑΣΤΗΜΑ
ΘΑΝΟΠΟΥΛΟΥ

Ἐν τῷ καταστήματι Θανοπούλου εὑρίσκονται πάντοτε εἴδη Καλά. Τιμαὶ ἀσυναγώνιστοι.

ΑΝΤΙΕΛΟΔΙΝΗ
ΑΝΤΙΕΛΟΔΙΝΗ

Ἀλάνθαστον εἰδικὸν φάρμακον κατὰ τῶν πυρετῶν

Δ. Κρίνου ἐν Κέρκυρα

CARABANA
ΦΥΣΙΚΟΝ ΥΔΩΡ ἐνεργηθὲν ἐκ τῶν πηγῶν
ΚΑΘΑΡΤΙΚΟΝ εἶναι πρὸς τὸν Sulfate de Soude
ΑΝΤΙΣΗΠΤΙΚΟΝ εἶναι ἀνώτερον Sulfure de Sodium
ΔΕΣΤΙΚΟΝ ἀνωτερίας παραδεκτὸν
ΕΛΑΧΙΣΤΗ ΔΟΣΙΣ ἐπαρκεῖ
CARABANA

Ἐνοικιάζεται εἰς τὸ ἄκρον τῆς ὁδοῦ Πατησίων οἰκία ἐκ ἕνδεκα δωματίων, εὐάερος, εὐήλιος, μετὰ λουτρῶν, πέντε ἀνατολικὸν καὶ ἀνωτέρω ἀρίστης ὁδοῦ Πατησίων 8.

Πωλεῖται πιάνο μὲ εὐκολίας πληρωμῆς κατὰ μῆνα.

Πληροφορίαι ὁδὸς Αἰόλου ἀρ. 10-11 π. μ.
